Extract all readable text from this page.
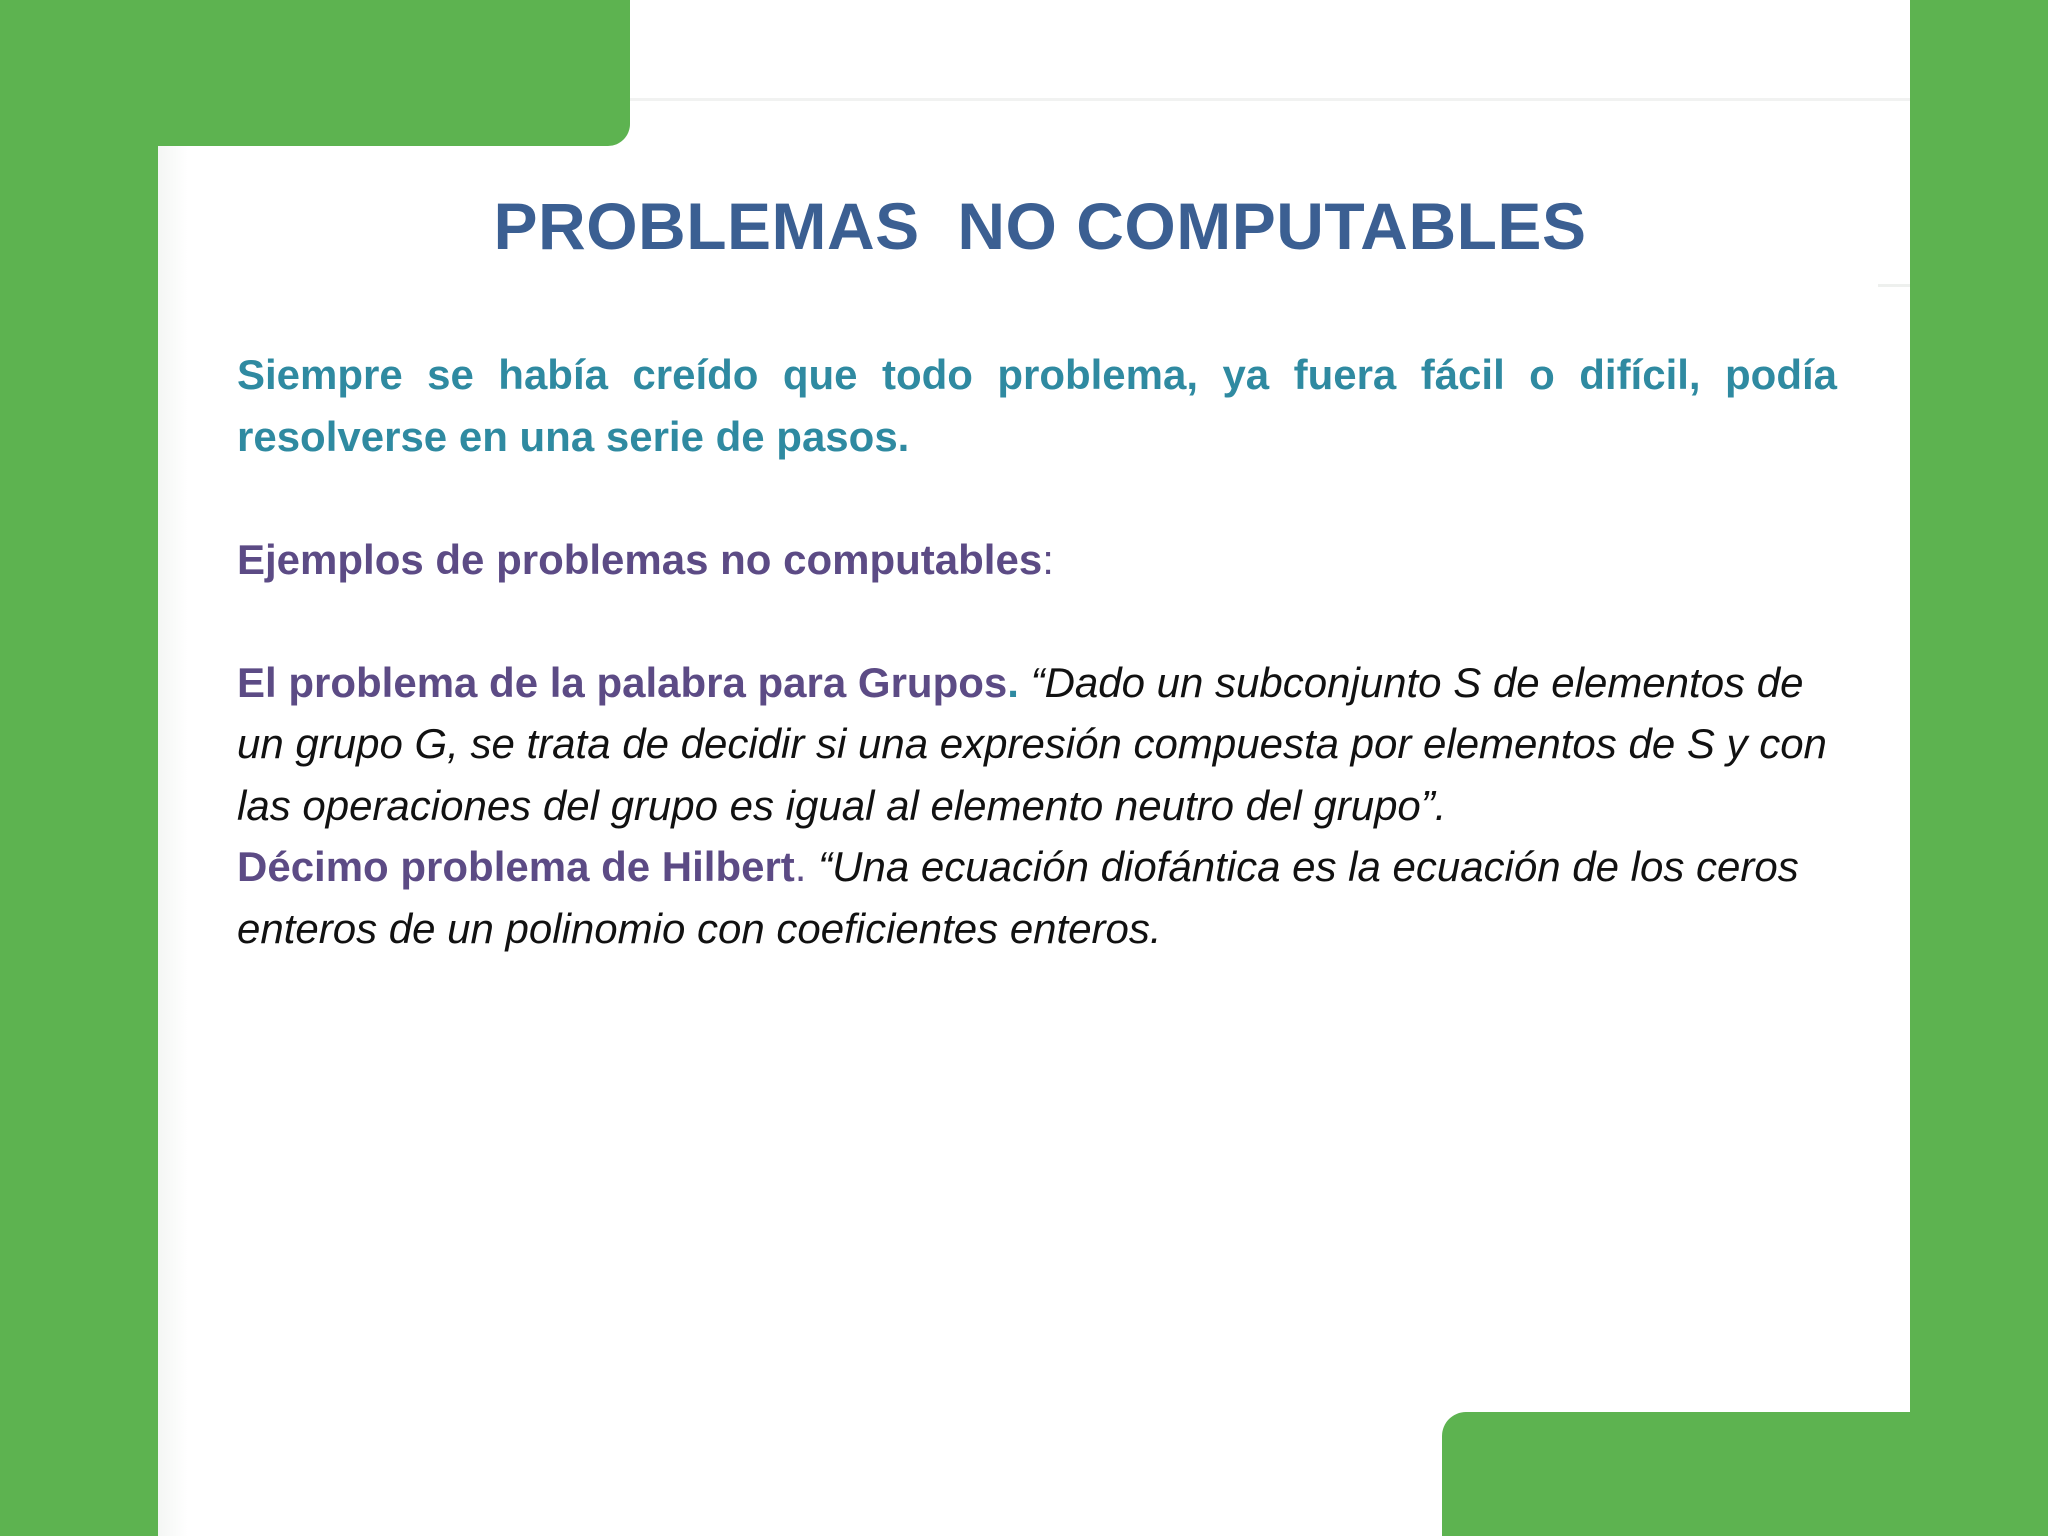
PROBLEMAS  NO COMPUTABLES

Siempre se había creído que todo problema, ya fuera fácil o difícil, podía resolverse en una serie de pasos.

Ejemplos de problemas no computables:

El problema de la palabra para Grupos. “Dado un subconjunto S de elementos de un grupo G, se trata de decidir si una expresión compuesta por elementos de S y con las operaciones del grupo es igual al elemento neutro del grupo”.

Décimo problema de Hilbert. “Una ecuación diofántica es la ecuación de los ceros enteros de un polinomio con coeficientes enteros.
